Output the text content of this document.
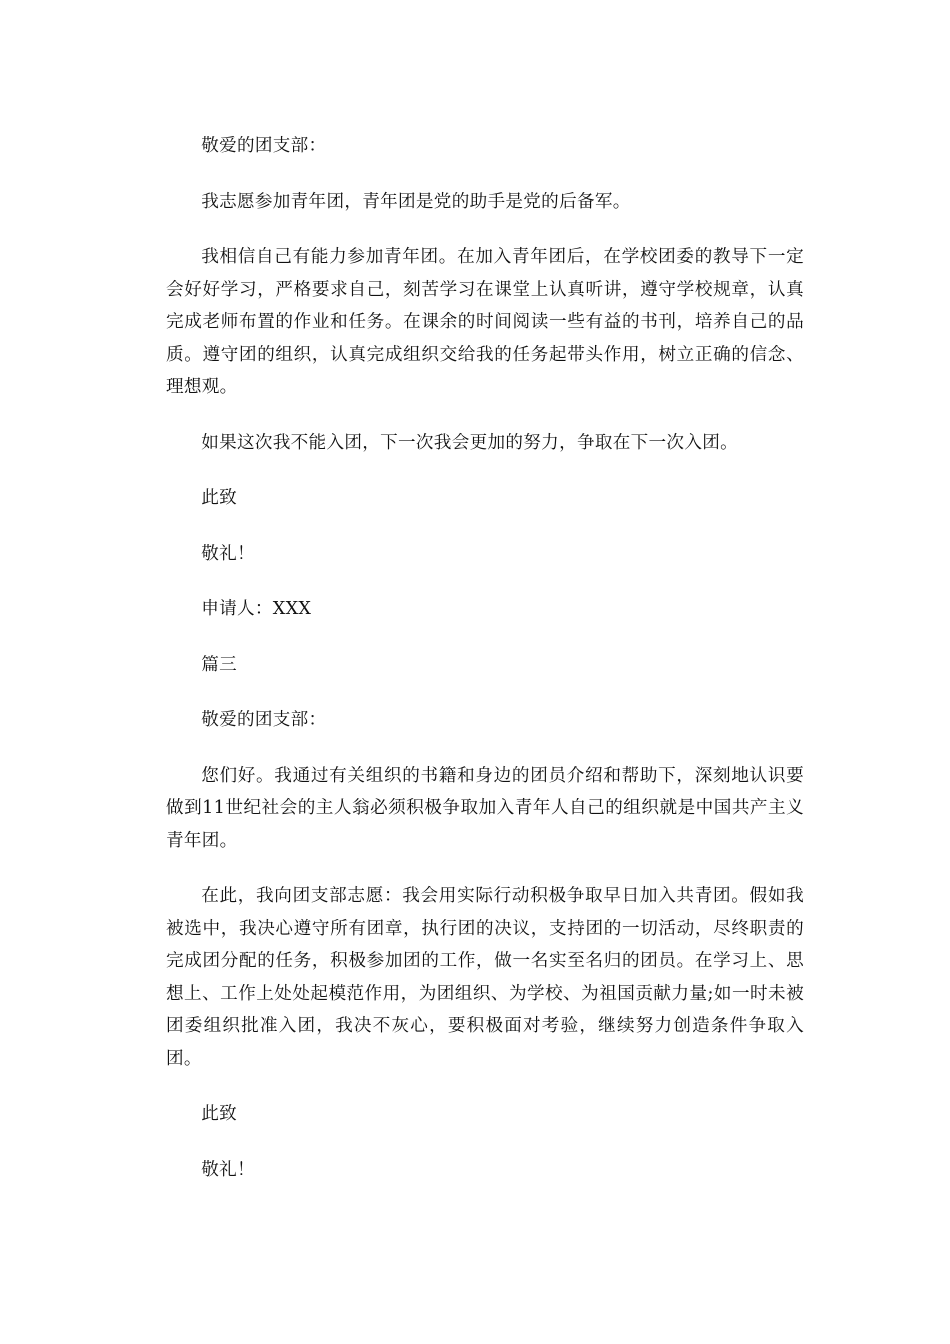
敬爱的团支部：

我志愿参加青年团，青年团是党的助手是党的后备军。

我相信自己有能力参加青年团。在加入青年团后，在学校团委的教导下一定会好好学习，严格要求自己，刻苦学习在课堂上认真听讲，遵守学校规章，认真完成老师布置的作业和任务。在课余的时间阅读一些有益的书刊，培养自己的品质。遵守团的组织，认真完成组织交给我的任务起带头作用，树立正确的信念、理想观。

如果这次我不能入团，下一次我会更加的努力，争取在下一次入团。

此致

敬礼！

申请人：XXX

篇三

敬爱的团支部：

您们好。我通过有关组织的书籍和身边的团员介绍和帮助下，深刻地认识要做到11世纪社会的主人翁必须积极争取加入青年人自己的组织就是中国共产主义青年团。

在此，我向团支部志愿：我会用实际行动积极争取早日加入共青团。假如我被选中，我决心遵守所有团章，执行团的决议，支持团的一切活动，尽终职责的完成团分配的任务，积极参加团的工作，做一名实至名归的团员。在学习上、思想上、工作上处处起模范作用，为团组织、为学校、为祖国贡献力量;如一时未被团委组织批准入团，我决不灰心，要积极面对考验，继续努力创造条件争取入团。

此致

敬礼！
